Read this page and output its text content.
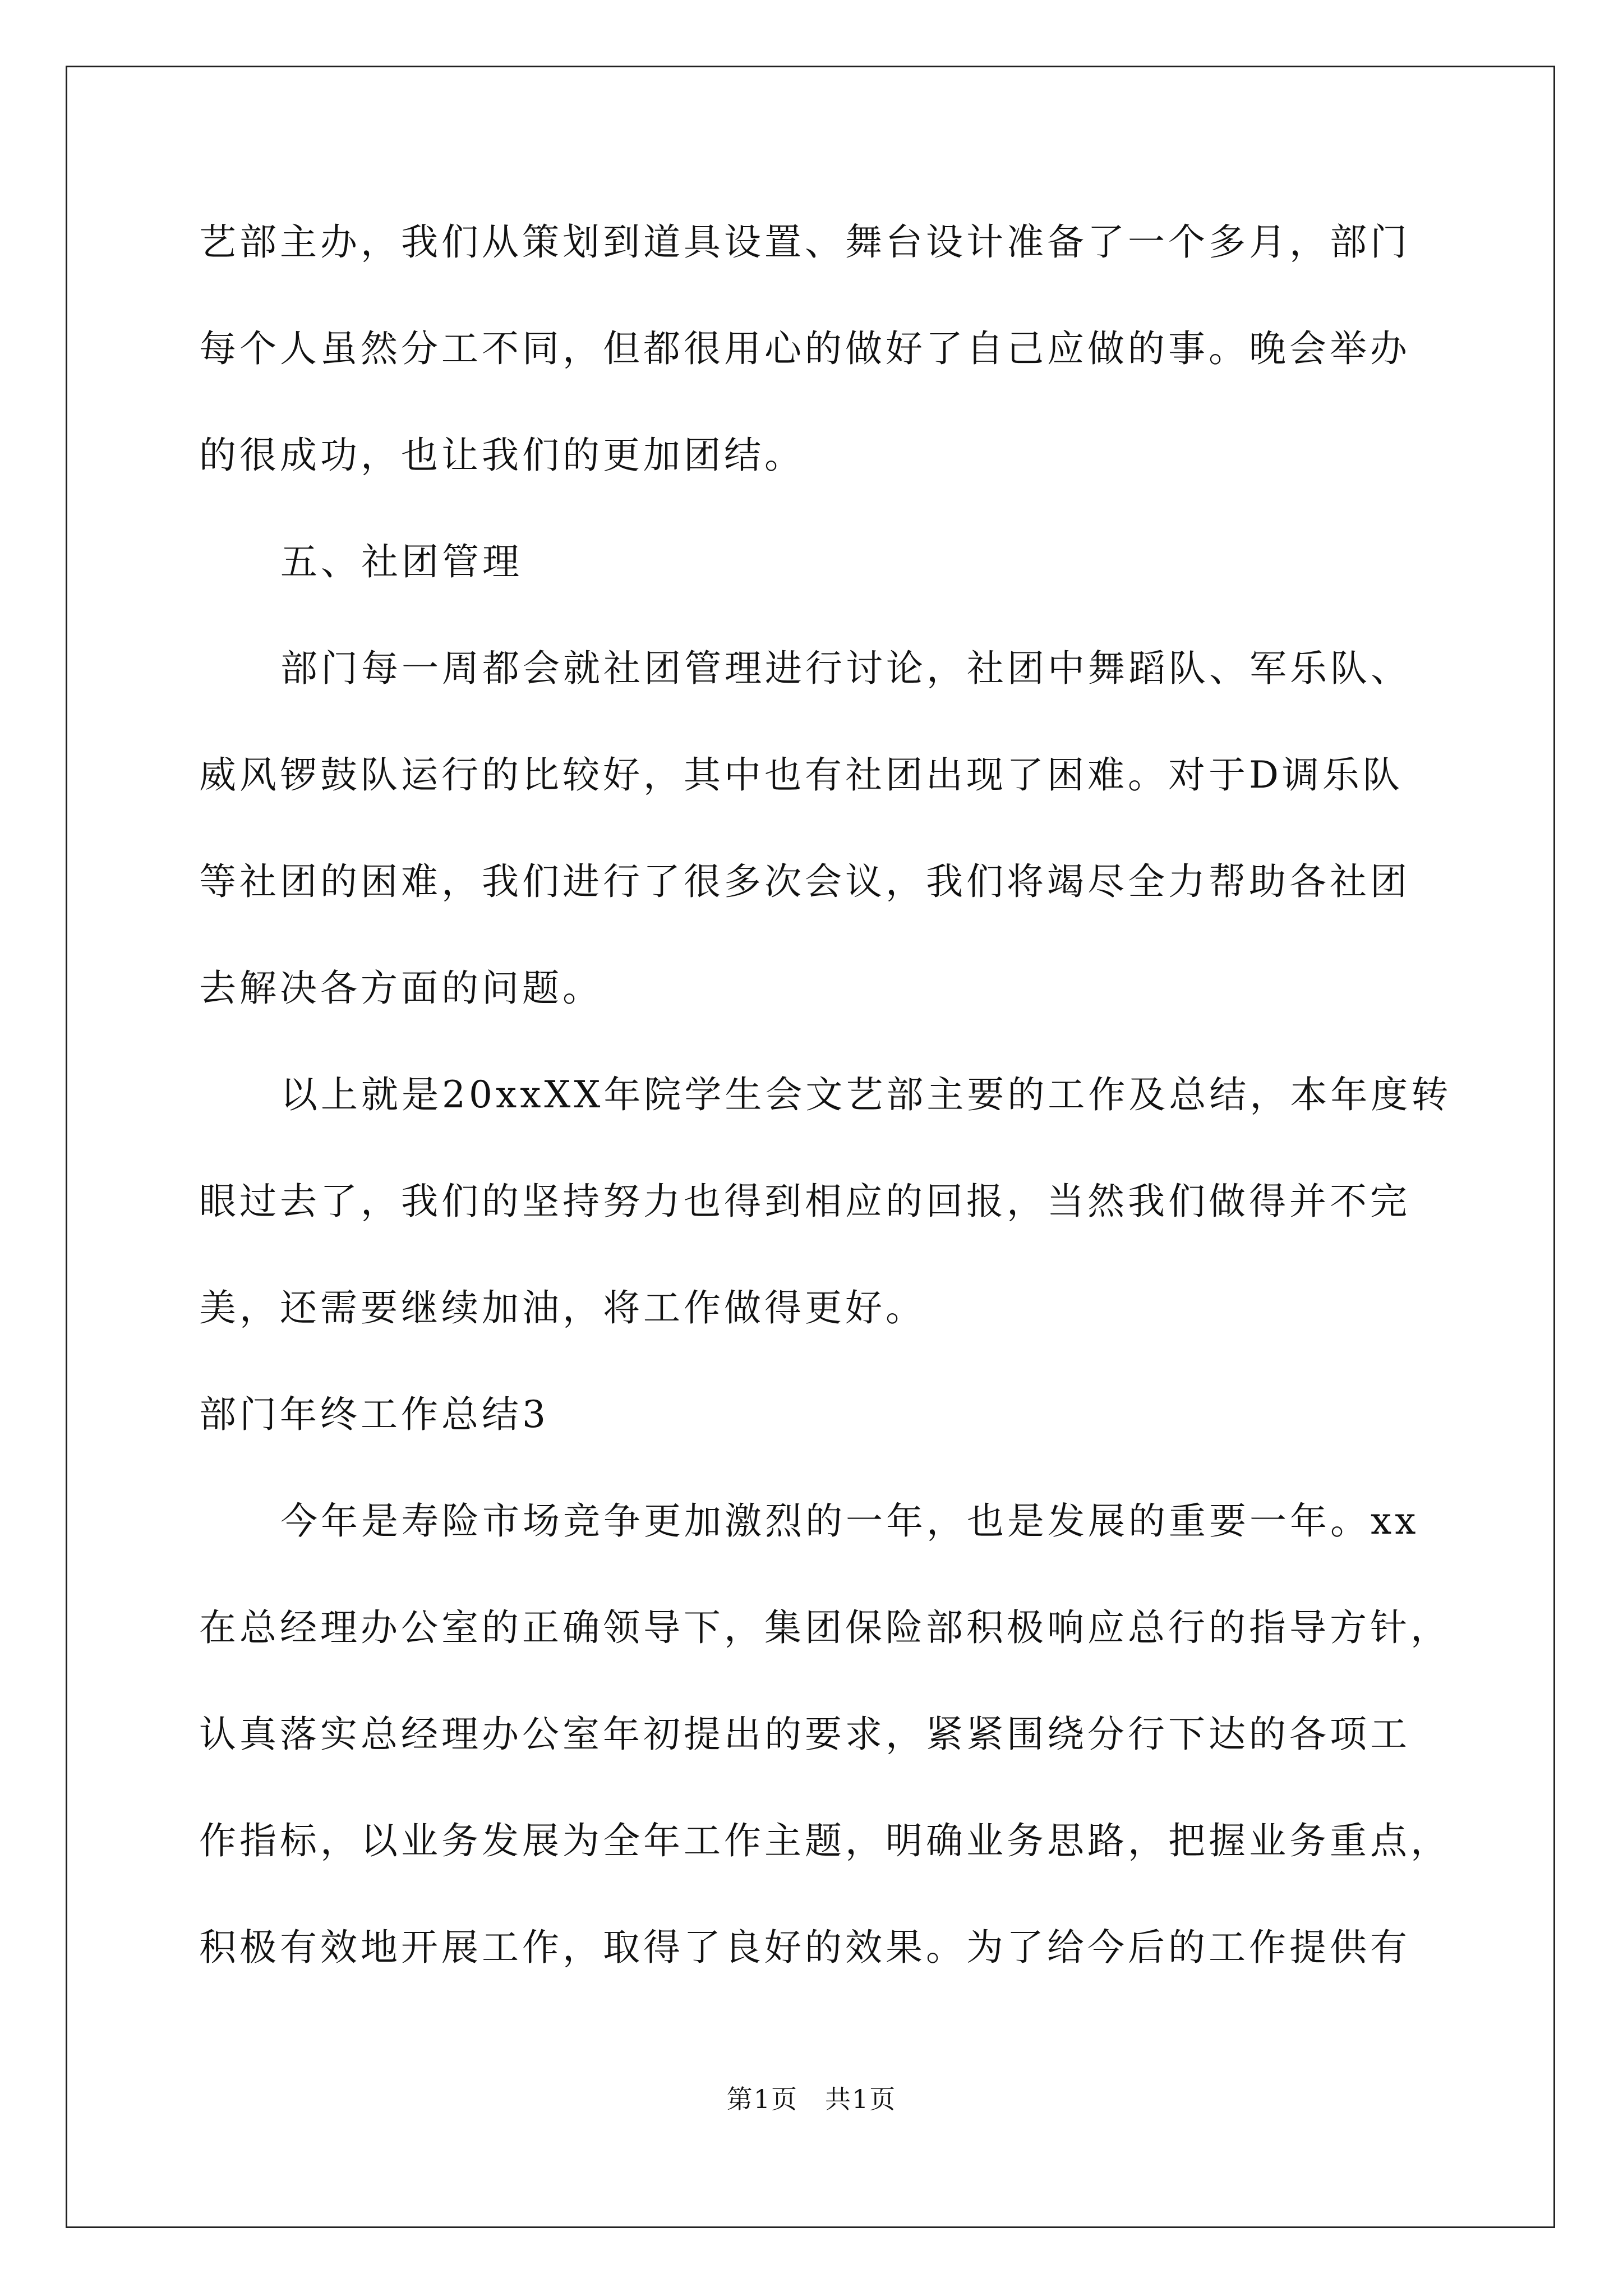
艺部主办，我们从策划到道具设置、舞台设计准备了一个多月，部门
每个人虽然分工不同，但都很用心的做好了自己应做的事。晚会举办
的很成功，也让我们的更加团结。
五、社团管理
部门每一周都会就社团管理进行讨论，社团中舞蹈队、军乐队、
威风锣鼓队运行的比较好，其中也有社团出现了困难。对于D调乐队
等社团的困难，我们进行了很多次会议，我们将竭尽全力帮助各社团
去解决各方面的问题。
以上就是20xxXX年院学生会文艺部主要的工作及总结，本年度转
眼过去了，我们的坚持努力也得到相应的回报，当然我们做得并不完
美，还需要继续加油，将工作做得更好。
部门年终工作总结3
今年是寿险市场竞争更加激烈的一年，也是发展的重要一年。xx
在总经理办公室的正确领导下，集团保险部积极响应总行的指导方针，
认真落实总经理办公室年初提出的要求，紧紧围绕分行下达的各项工
作指标，以业务发展为全年工作主题，明确业务思路，把握业务重点，
积极有效地开展工作，取得了良好的效果。为了给今后的工作提供有
第1页　共1页
